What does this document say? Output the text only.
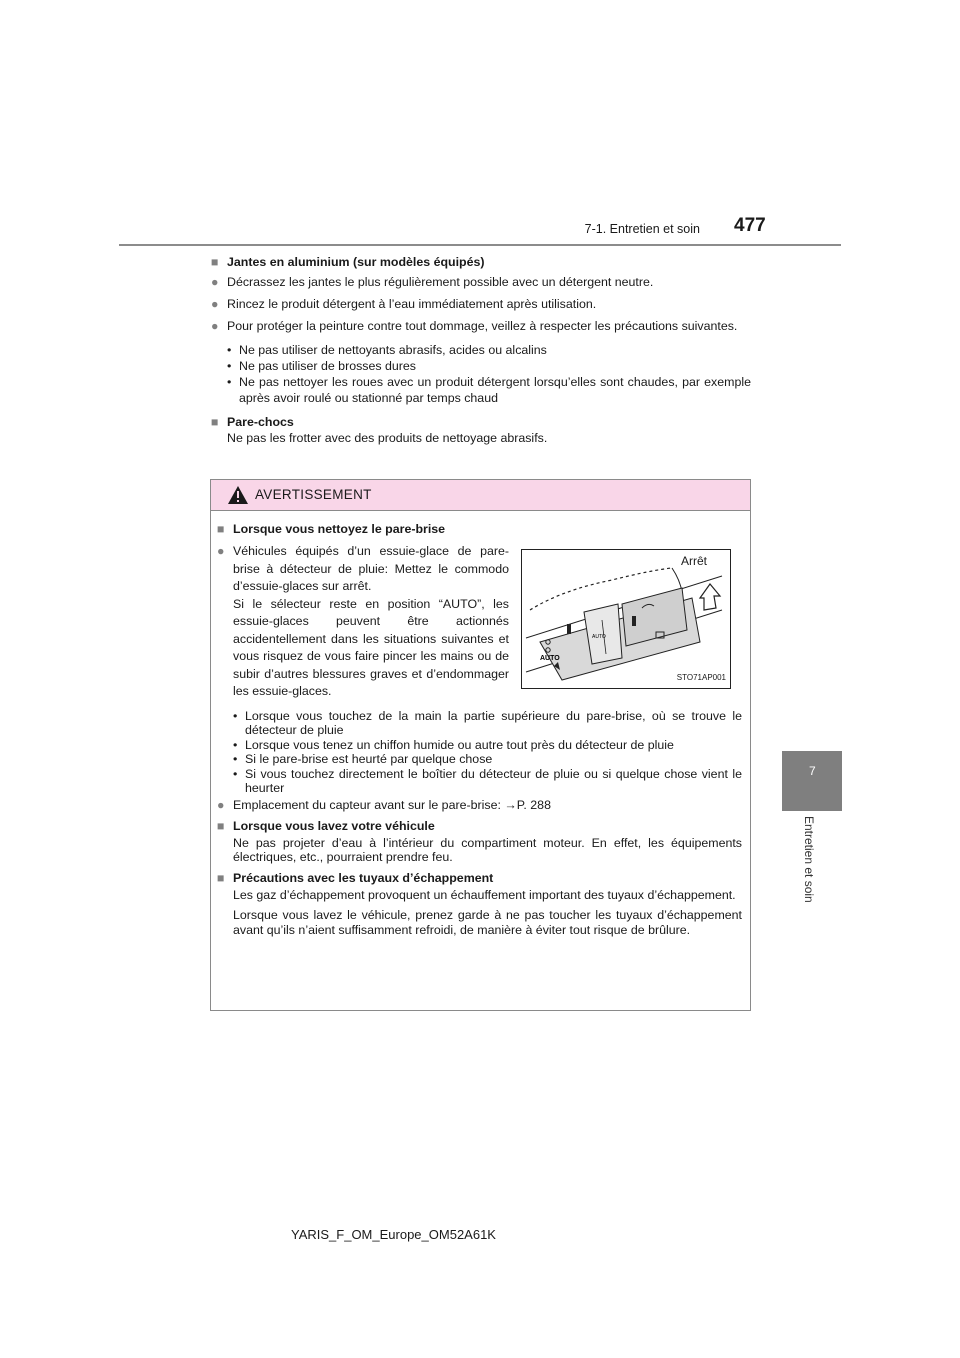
7-1. Entretien et soin 477
7
Entretien et soin
■ Jantes en aluminium (sur modèles équipés)
● Décrassez les jantes le plus régulièrement possible avec un détergent neutre.
● Rincez le produit détergent à l’eau immédiatement après utilisation.
● Pour protéger la peinture contre tout dommage, veillez à respecter les précautions suivantes.
• Ne pas utiliser de nettoyants abrasifs, acides ou alcalins
• Ne pas utiliser de brosses dures
• Ne pas nettoyer les roues avec un produit détergent lorsqu’elles sont chaudes, par exemple après avoir roulé ou stationné par temps chaud
■ Pare-chocs
Ne pas les frotter avec des produits de nettoyage abrasifs.
AVERTISSEMENT
■ Lorsque vous nettoyez le pare-brise
● Véhicules équipés d’un essuie-glace de pare-brise à détecteur de pluie: Mettez le commodo d’essuie-glaces sur arrêt.
Si le sélecteur reste en position “AUTO”, les essuie-glaces peuvent être actionnés accidentellement dans les situations suivantes et vous risquez de vous faire pincer les mains ou de subir d’autres blessures graves et d’endommager les essuie-glaces.
AUTO
AUTO
Arrêt
STO71AP001
• Lorsque vous touchez de la main la partie supérieure du pare-brise, où se trouve le détecteur de pluie
• Lorsque vous tenez un chiffon humide ou autre tout près du détecteur de pluie
• Si le pare-brise est heurté par quelque chose
• Si vous touchez directement le boîtier du détecteur de pluie ou si quelque chose vient le heurter
● Emplacement du capteur avant sur le pare-brise: →P. 288
■ Lorsque vous lavez votre véhicule
Ne pas projeter d’eau à l’intérieur du compartiment moteur. En effet, les équipements électriques, etc., pourraient prendre feu.
■ Précautions avec les tuyaux d’échappement
Les gaz d’échappement provoquent un échauffement important des tuyaux d’échappement.
Lorsque vous lavez le véhicule, prenez garde à ne pas toucher les tuyaux d’échappement avant qu’ils n’aient suffisamment refroidi, de manière à éviter tout risque de brûlure.
YARIS_F_OM_Europe_OM52A61K
